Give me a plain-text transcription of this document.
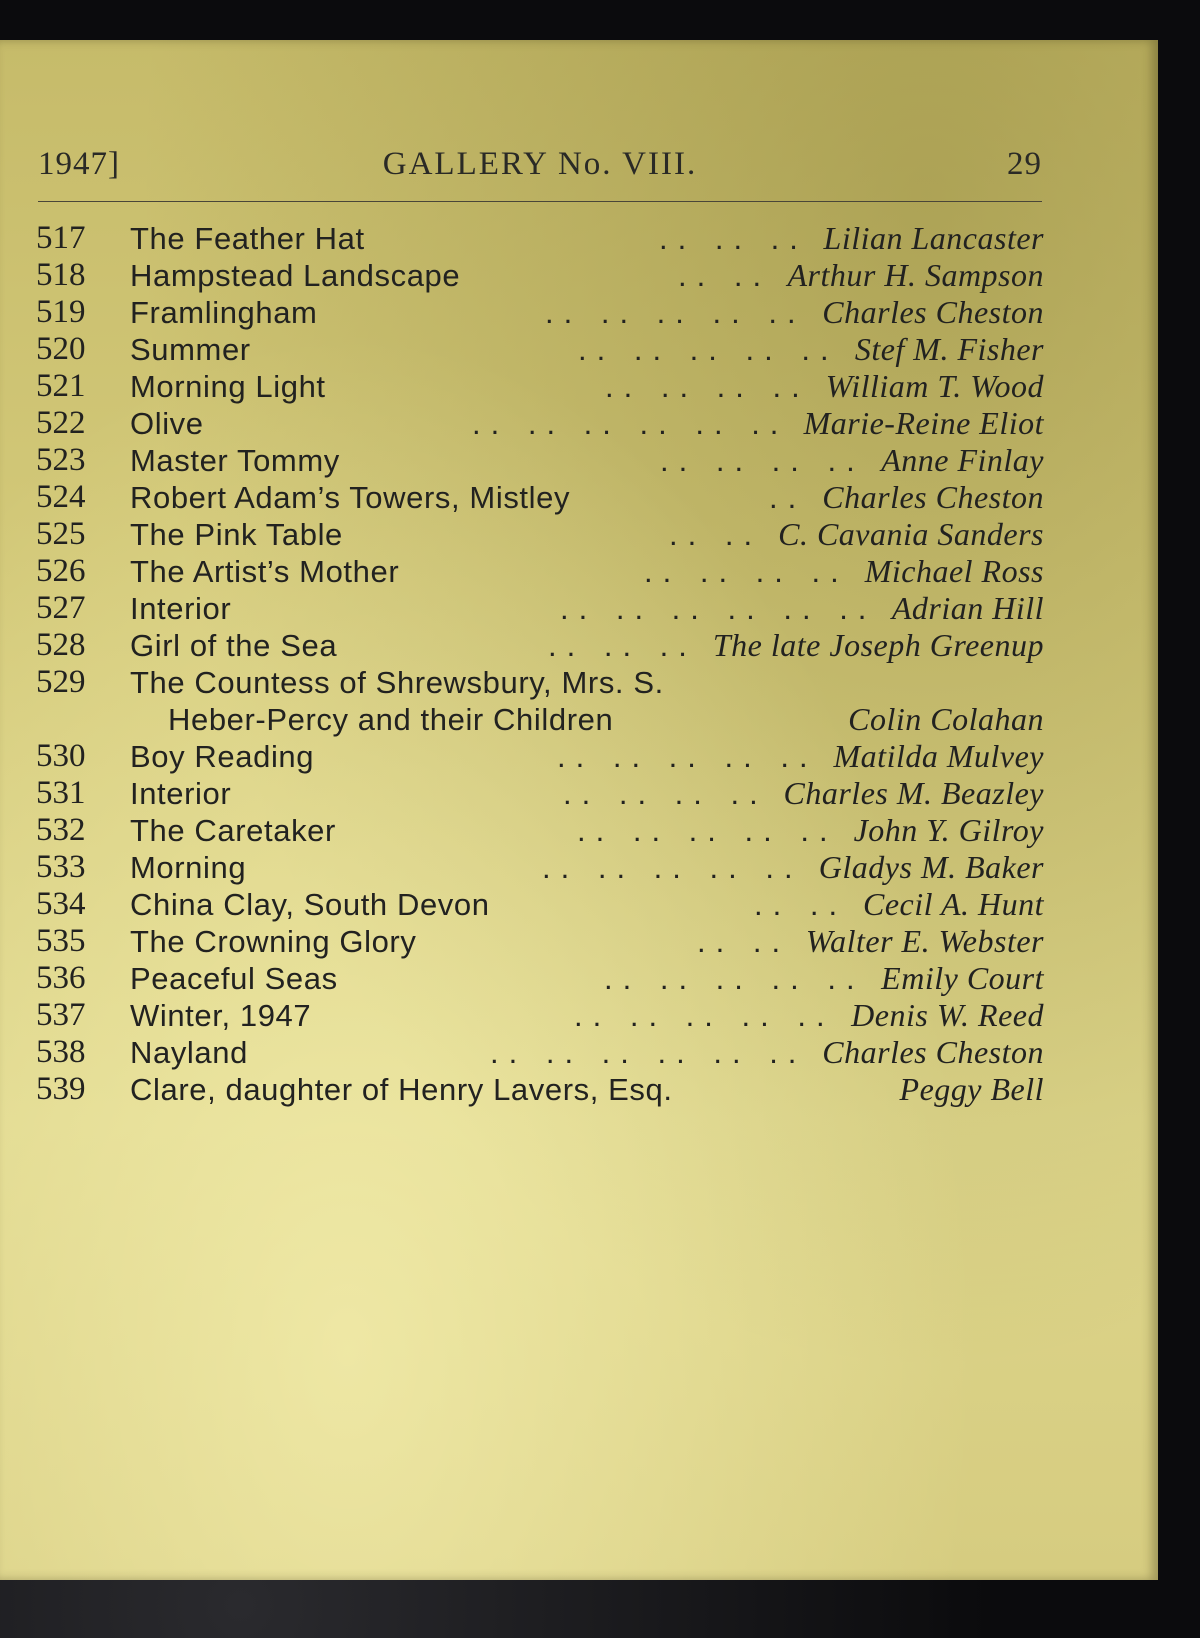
1947]	GALLERY No. VIII.	29
517 The Feather Hat	.. .. .. Lilian Lancaster
518 Hampstead Landscape	.. .. Arthur H. Sampson
519 Framlingham	.. .. .. .. .. Charles Cheston
520 Summer	.. .. .. .. .. Stef M. Fisher
521 Morning Light	.. .. .. .. William T. Wood
522 Olive	.. .. .. .. .. .. Marie-Reine Eliot
523 Master Tommy	.. .. .. .. Anne Finlay
524 Robert Adam’s Towers, Mistley	.. Charles Cheston
525 The Pink Table	.. .. C. Cavania Sanders
526 The Artist’s Mother	.. .. .. .. Michael Ross
527 Interior	.. .. .. .. .. .. Adrian Hill
528 Girl of the Sea	.. .. .. The late Joseph Greenup
529 The Countess of Shrewsbury, Mrs. S.
Heber-Percy and their Children	Colin Colahan
530 Boy Reading	.. .. .. .. .. Matilda Mulvey
531 Interior	.. .. .. .. Charles M. Beazley
532 The Caretaker	.. .. .. .. .. John Y. Gilroy
533 Morning	.. .. .. .. .. Gladys M. Baker
534 China Clay, South Devon	.. .. Cecil A. Hunt
535 The Crowning Glory	.. .. Walter E. Webster
536 Peaceful Seas	.. .. .. .. .. Emily Court
537 Winter, 1947	.. .. .. .. .. Denis W. Reed
538 Nayland	.. .. .. .. .. .. Charles Cheston
539 Clare, daughter of Henry Lavers, Esq.	Peggy Bell
